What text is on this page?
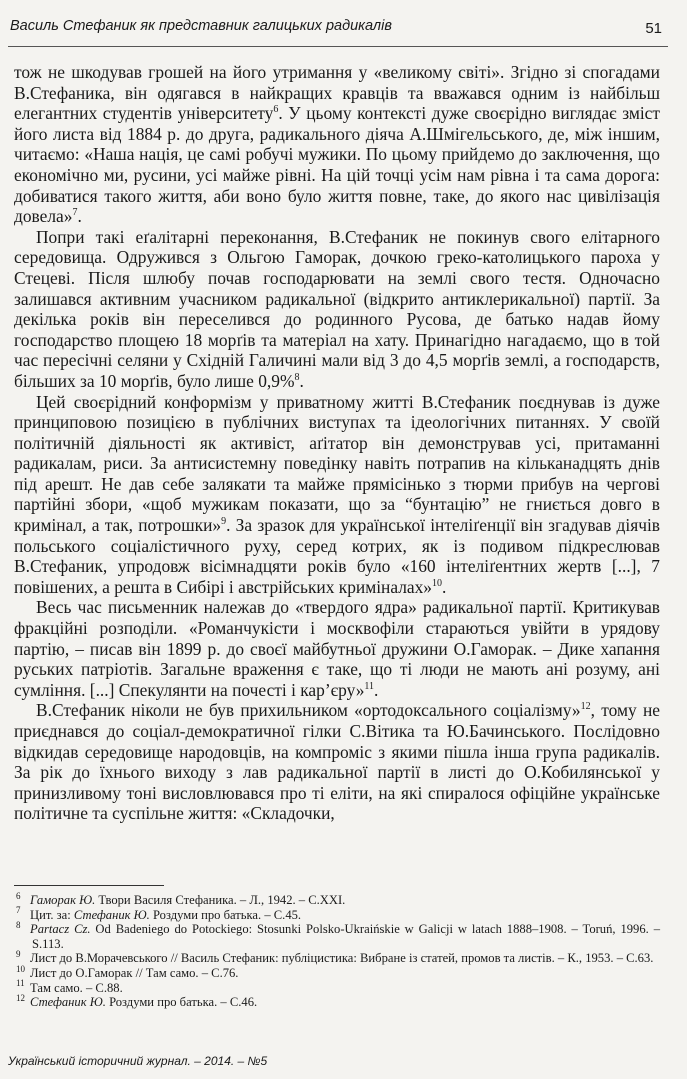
Василь Стефаник як представник галицьких радикалів	51

тож не шкодував грошей на його утримання у «великому світі». Згідно зі спогадами В.Стефаника, він одягався в найкращих кравців та вважався одним із найбільш елегантних студентів університету$^6$. У цьому контексті дуже своєрідно виглядає зміст його листа від 1884 р. до друга, радикального діяча А.Шмігельського, де, між іншим, читаємо: «Наша нація, це самі робучі мужики. По цьому прийдемо до заключення, що економічно ми, русини, усі майже рівні. На цій точці усім нам рівна і та сама дорога: добиватися такого життя, аби воно було життя повне, таке, до якого нас цивілізація довела»$^7$.

Попри такі еґалітарні переконання, В.Стефаник не покинув свого елітарного середовища. Одружився з Ольгою Гаморак, дочкою греко-католицького пароха у Стецеві. Після шлюбу почав господарювати на землі свого тестя. Одночасно залишався активним учасником радикальної (відкрито антиклерикальної) партії. За декілька років він переселився до родинного Русова, де батько надав йому господарство площею 18 морґів та матеріал на хату. Принагідно нагадаємо, що в той час пересічні селяни у Східній Галичині мали від 3 до 4,5 морґів землі, а господарств, більших за 10 морґів, було лише 0,9%$^8$.

Цей своєрідний конформізм у приватному житті В.Стефаник поєднував із дуже принциповою позицією в публічних виступах та ідеологічних питаннях. У своїй політичній діяльності як активіст, аґітатор він демонстрував усі, притаманні радикалам, риси. За антисистемну поведінку навіть потрапив на кільканадцять днів під арешт. Не дав себе залякати та майже прямісінько з тюрми прибув на чергові партійні збори, «щоб мужикам показати, що за “бунтацію” не гниється довго в кримінал, а так, потрошки»$^9$. За зразок для української інтеліґенції він згадував діячів польського соціалістичного руху, серед котрих, як із подивом підкреслював В.Стефаник, упродовж вісімнадцяти років було «160 інтеліґентних жертв [...], 7 повішених, а решта в Сибірі і австрійських криміналах»$^{10}$.

Весь час письменник належав до «твердого ядра» радикальної партії. Критикував фракційні розподіли. «Романчукісти і москвофіли стараються увійти в урядову партію, – писав він 1899 р. до своєї майбутньої дружини О.Гаморак. – Дике хапання руських патріотів. Загальне враження є таке, що ті люди не мають ані розуму, ані сумління. [...] Спекулянти на почесті і кар’єру»$^{11}$.

В.Стефаник ніколи не був прихильником «ортодоксального соціалізму»$^{12}$, тому не приєднався до соціал-демократичної гілки С.Вітика та Ю.Бачинського. Послідовно відкидав середовище народовців, на компроміс з якими пішла інша група радикалів. За рік до їхнього виходу з лав радикальної партії в листі до О.Кобилянської у принизливому тоні висловлювався про ті еліти, на які спиралося офіційне українське політичне та суспільне життя: «Складочки,

6 Гаморак Ю. Твори Василя Стефаника. – Л., 1942. – С.XXI.
7 Цит. за: Стефаник Ю. Роздуми про батька. – С.45.
8 Partacz Cz. Od Badeniego do Potockiego: Stosunki Polsko-Ukraińskie w Galicji w latach 1888–1908. – Toruń, 1996. – S.113.
9 Лист до В.Морачевського // Василь Стефаник: публіцистика: Вибране із статей, промов та листів. – К., 1953. – С.63.
10 Лист до О.Гаморак // Там само. – С.76.
11 Там само. – С.88.
12 Стефаник Ю. Роздуми про батька. – С.46.
Український історичний журнал. – 2014. – №5
